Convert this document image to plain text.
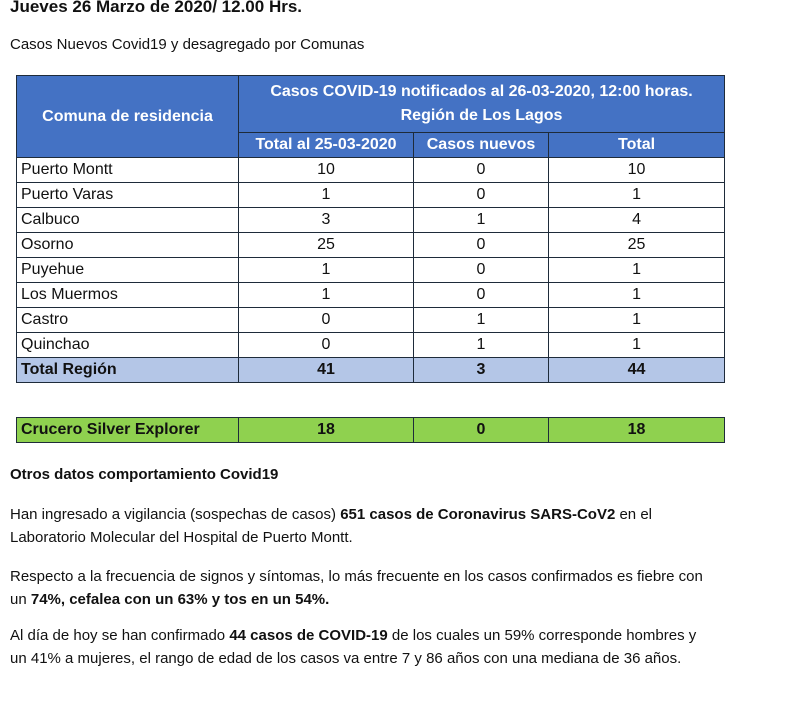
Jueves 26 Marzo de 2020/ 12.00 Hrs.
Casos Nuevos Covid19 y desagregado por Comunas
Comuna de residencia	Casos COVID-19 notificados al 26-03-2020, 12:00 horas.
Región de Los Lagos		

	Total al 25-03-2020	Casos nuevos	Total
Puerto Montt	10	0	10
Puerto Varas	1	0	1
Calbuco	3	1	4
Osorno	25	0	25
Puyehue	1	0	1
Los Muermos	1	0	1
Castro	0	1	1
Quinchao	0	1	1
Total Región	41	3	44
Crucero Silver Explorer	18	0	18
Otros datos comportamiento Covid19
Han ingresado a vigilancia (sospechas de casos) 651 casos de Coronavirus SARS-CoV2 en el Laboratorio Molecular del Hospital de Puerto Montt.
Respecto a la frecuencia de signos y síntomas, lo más frecuente en los casos confirmados es fiebre con un 74%, cefalea con un 63% y tos en un 54%.
Al día de hoy se han confirmado 44 casos de COVID-19 de los cuales un 59% corresponde hombres y un 41% a mujeres, el rango de edad de los casos va entre 7 y 86 años con una mediana de 36 años.
